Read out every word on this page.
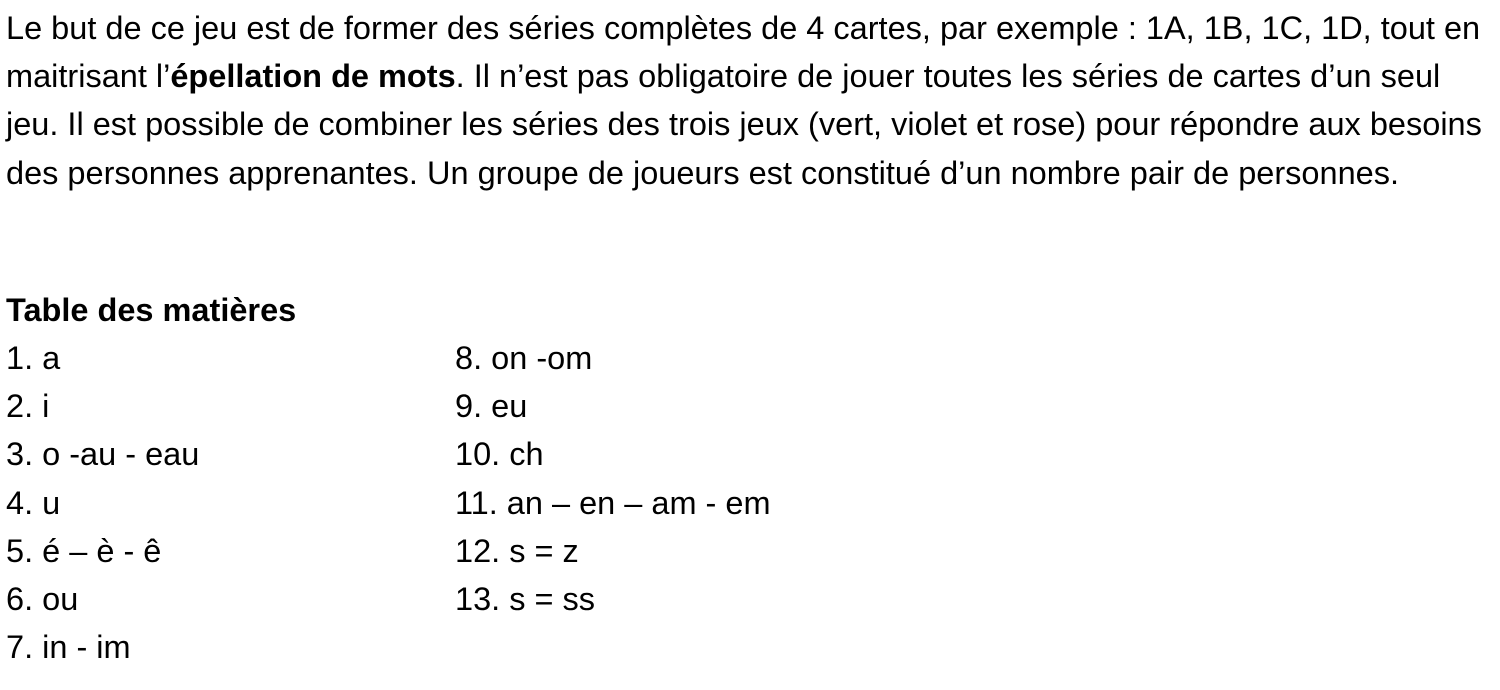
Le but de ce jeu est de former des séries complètes de 4 cartes, par exemple : 1A, 1B, 1C, 1D, tout en maitrisant l’épellation de mots. Il n’est pas obligatoire de jouer toutes les séries de cartes d’un seul jeu. Il est possible de combiner les séries des trois jeux (vert, violet et rose) pour répondre aux besoins des personnes apprenantes. Un groupe de joueurs est constitué d’un nombre pair de personnes.

Table des matières
1. a
2. i
3. o -au - eau
4. u
5. é – è - ê
6. ou
7. in - im
8. on -om
9. eu
10. ch
11. an – en – am - em
12. s = z
13. s = ss
